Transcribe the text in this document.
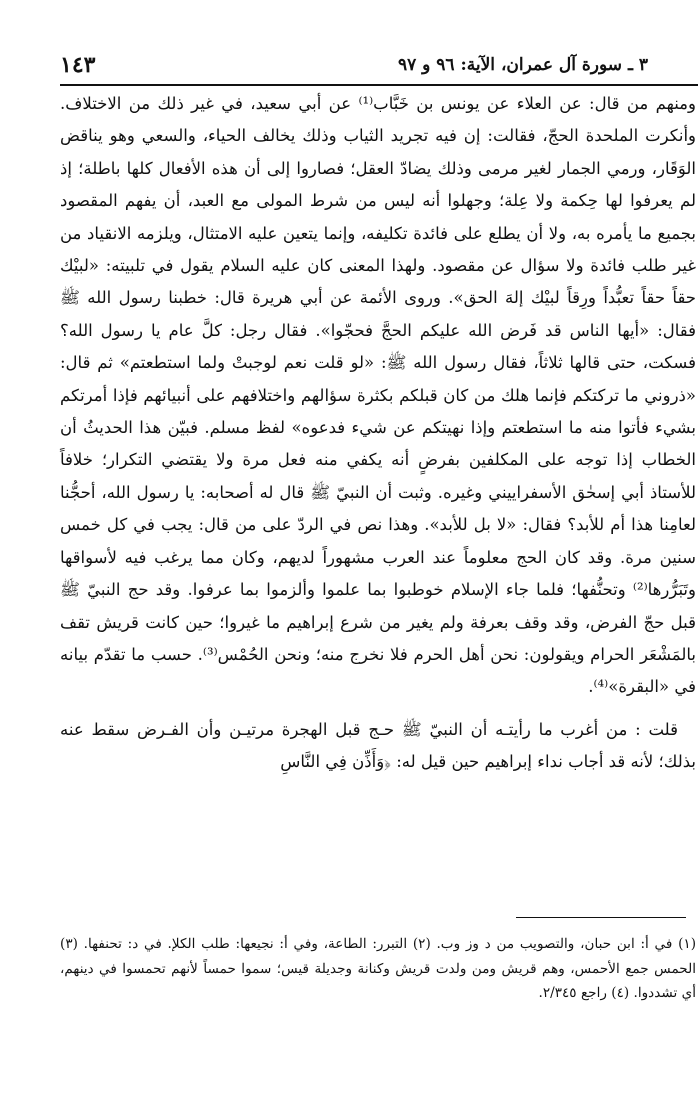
١٤٣	٣ ـ سورة آل عمران، الآية: ٩٦ و ٩٧

ومنهم من قال: عن العلاء عن يونس بن خَبَّاب⁽¹⁾ عن أبي سعيد، في غير ذلك من الاختلاف. وأنكرت الملحدة الحجّ، فقالت: إن فيه تجريد الثياب وذلك يخالف الحياء، والسعي وهو يناقض الوَقَار، ورمي الجمار لغير مرمى وذلك يضادّ العقل؛ فصاروا إلى أن هذه الأفعال كلها باطلة؛ إذ لم يعرفوا لها حِكمة ولا عِلة؛ وجهلوا أنه ليس من شرط المولى مع العبد، أن يفهم المقصود بجميع ما يأمره به، ولا أن يطلع على فائدة تكليفه، وإنما يتعين عليه الامتثال، ويلزمه الانقياد من غير طلب فائدة ولا سؤال عن مقصود. ولهذا المعنى كان عليه السلام يقول في تلبيته: «لبيْك حقاً حقاً تعبُّداً ورِقاً لبيْك إلهَ الحق». وروى الأئمة عن أبي هريرة قال: خطبنا رسول الله ﷺ فقال: «أيها الناس قد فَرض الله عليكم الحجَّ فحجّوا». فقال رجل: كلَّ عام يا رسول الله؟ فسكت، حتى قالها ثلاثاً، فقال رسول الله ﷺ: «لو قلت نعم لوجبتْ ولما استطعتم» ثم قال: «ذروني ما تركتكم فإنما هلك من كان قبلكم بكثرة سؤالهم واختلافهم على أنبيائهم فإذا أمرتكم بشيء فأتوا منه ما استطعتم وإذا نهيتكم عن شيء فدعوه» لفظ مسلم. فبيّن هذا الحديثُ أن الخطاب إذا توجه على المكلفين بفرضٍ أنه يكفي منه فعل مرة ولا يقتضي التكرار؛ خلافاً للأستاذ أبي إسحٰق الأسفراييني وغيره. وثبت أن النبيّ ﷺ قال له أصحابه: يا رسول الله، أحجُّنا لعامِنا هذا أم للأبد؟ فقال: «لا بل للأبد». وهذا نص في الردّ على من قال: يجب في كل خمس سنين مرة. وقد كان الحج معلوماً عند العرب مشهوراً لديهم، وكان مما يرغب فيه لأسواقها وتَبَرُّرها⁽²⁾ وتحنُّفها؛ فلما جاء الإسلام خوطبوا بما علموا وألزموا بما عرفوا. وقد حج النبيّ ﷺ قبل حجّ الفرض، وقد وقف بعرفة ولم يغير من شرع إبراهيم ما غيروا؛ حين كانت قريش تقف بالمَشْعَر الحرام ويقولون: نحن أهل الحرم فلا نخرج منه؛ ونحن الحُمْس⁽³⁾. حسب ما تقدّم بيانه في «البقرة»⁽⁴⁾.

قلت : من أغرب ما رأيتـه أن النبيّ ﷺ حـج قبل الهجرة مرتيـن وأن الفـرض سقط عنه بذلك؛ لأنه قد أجاب نداء إبراهيم حين قيل له: ﴿وَأَذِّن فِي النَّاسِ

(١) في أ: ابن حبان، والتصويب من د وز وب. (٢) التبرر: الطاعة، وفي أ: نجيعها: طلب الكلإ. في د: تحنفها. (٣) الحمس جمع الأحمس، وهم قريش ومن ولدت قريش وكنانة وجديلة قيس؛ سموا حمساً لأنهم تحمسوا في دينهم، أي تشددوا. (٤) راجع ٢/٣٤٥.
